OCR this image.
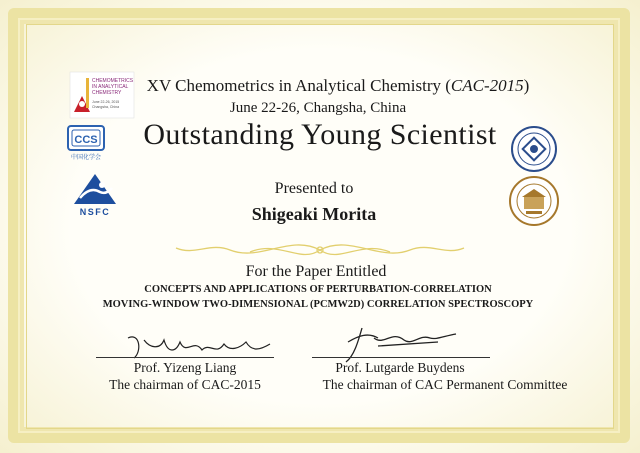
CHEMOMETRICS
IN ANALYTICAL
CHEMISTRY
June 22-26, 2015
Changsha, China
CCS
中国化学会
NSFC
XV Chemometrics in Analytical Chemistry (CAC-2015)
June 22-26, Changsha, China
Outstanding Young Scientist
Presented to
Shigeaki Morita
For the Paper Entitled
CONCEPTS AND APPLICATIONS OF PERTURBATION-CORRELATION
MOVING-WINDOW TWO-DIMENSIONAL (PCMW2D) CORRELATION SPECTROSCOPY
Prof. Yizeng Liang
The chairman of CAC-2015
Prof. Lutgarde Buydens
The chairman of CAC Permanent Committee
